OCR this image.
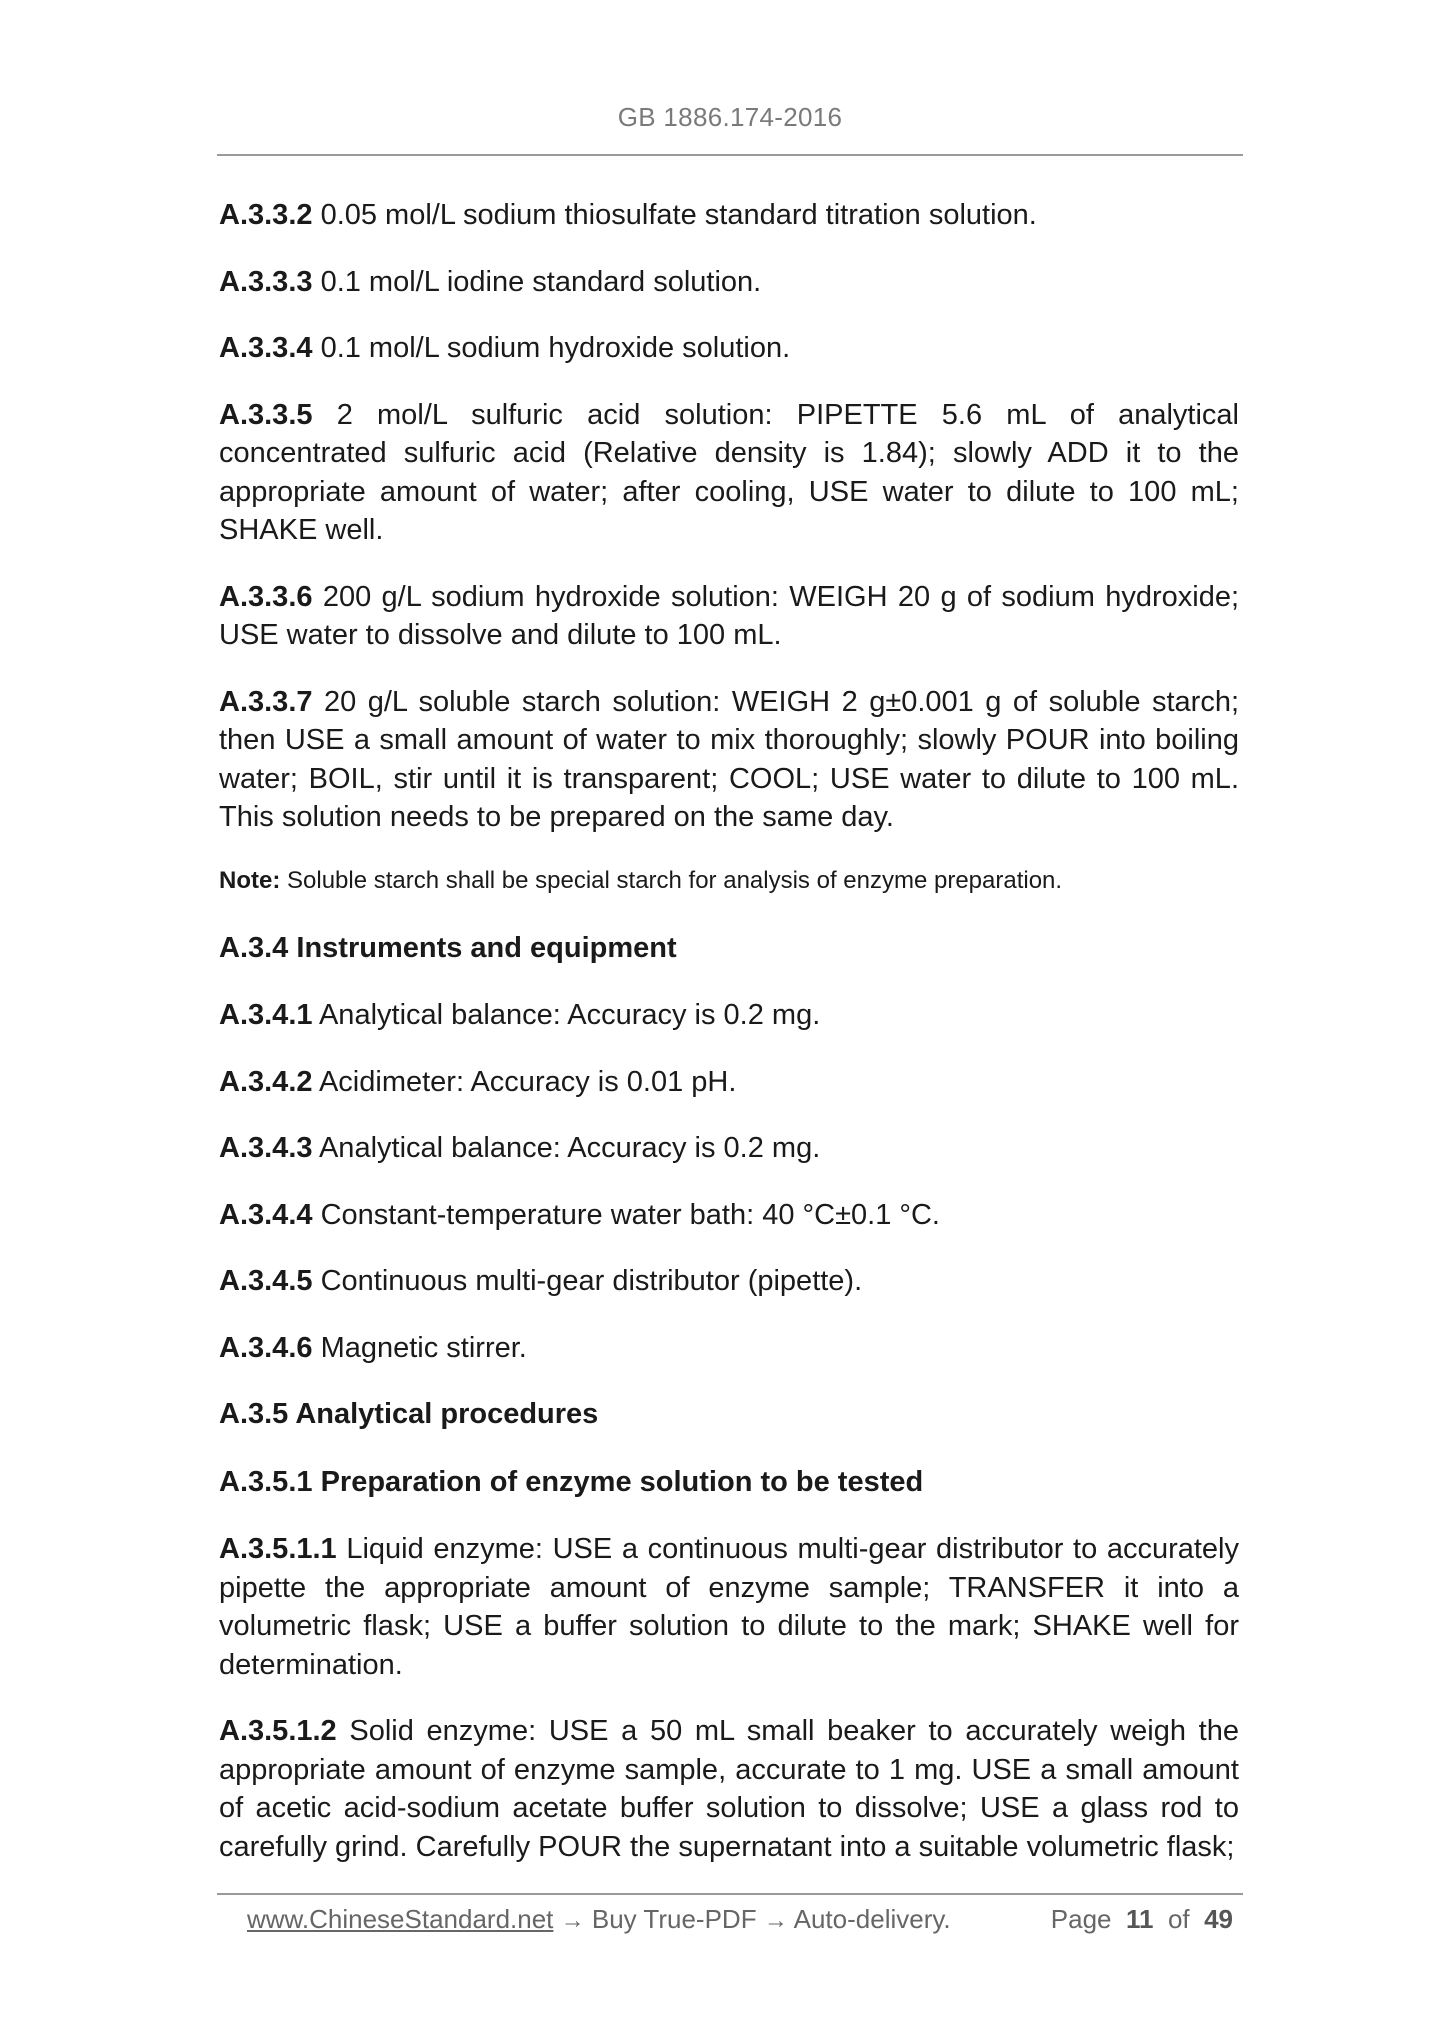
GB 1886.174-2016

A.3.3.2 0.05 mol/L sodium thiosulfate standard titration solution.

A.3.3.3 0.1 mol/L iodine standard solution.

A.3.3.4 0.1 mol/L sodium hydroxide solution.

A.3.3.5 2 mol/L sulfuric acid solution: PIPETTE 5.6 mL of analytical concentrated sulfuric acid (Relative density is 1.84); slowly ADD it to the appropriate amount of water; after cooling, USE water to dilute to 100 mL; SHAKE well.

A.3.3.6 200 g/L sodium hydroxide solution: WEIGH 20 g of sodium hydroxide; USE water to dissolve and dilute to 100 mL.

A.3.3.7 20 g/L soluble starch solution: WEIGH 2 g±0.001 g of soluble starch; then USE a small amount of water to mix thoroughly; slowly POUR into boiling water; BOIL, stir until it is transparent; COOL; USE water to dilute to 100 mL. This solution needs to be prepared on the same day.

Note: Soluble starch shall be special starch for analysis of enzyme preparation.

A.3.4 Instruments and equipment

A.3.4.1 Analytical balance: Accuracy is 0.2 mg.

A.3.4.2 Acidimeter: Accuracy is 0.01 pH.

A.3.4.3 Analytical balance: Accuracy is 0.2 mg.

A.3.4.4 Constant-temperature water bath: 40 °C±0.1 °C.

A.3.4.5 Continuous multi-gear distributor (pipette).

A.3.4.6 Magnetic stirrer.

A.3.5 Analytical procedures

A.3.5.1 Preparation of enzyme solution to be tested

A.3.5.1.1 Liquid enzyme: USE a continuous multi-gear distributor to accurately pipette the appropriate amount of enzyme sample; TRANSFER it into a volumetric flask; USE a buffer solution to dilute to the mark; SHAKE well for determination.

A.3.5.1.2 Solid enzyme: USE a 50 mL small beaker to accurately weigh the appropriate amount of enzyme sample, accurate to 1 mg. USE a small amount of acetic acid-sodium acetate buffer solution to dissolve; USE a glass rod to carefully grind. Carefully POUR the supernatant into a suitable volumetric flask;

www.ChineseStandard.net → Buy True-PDF → Auto-delivery.	Page 11 of 49
